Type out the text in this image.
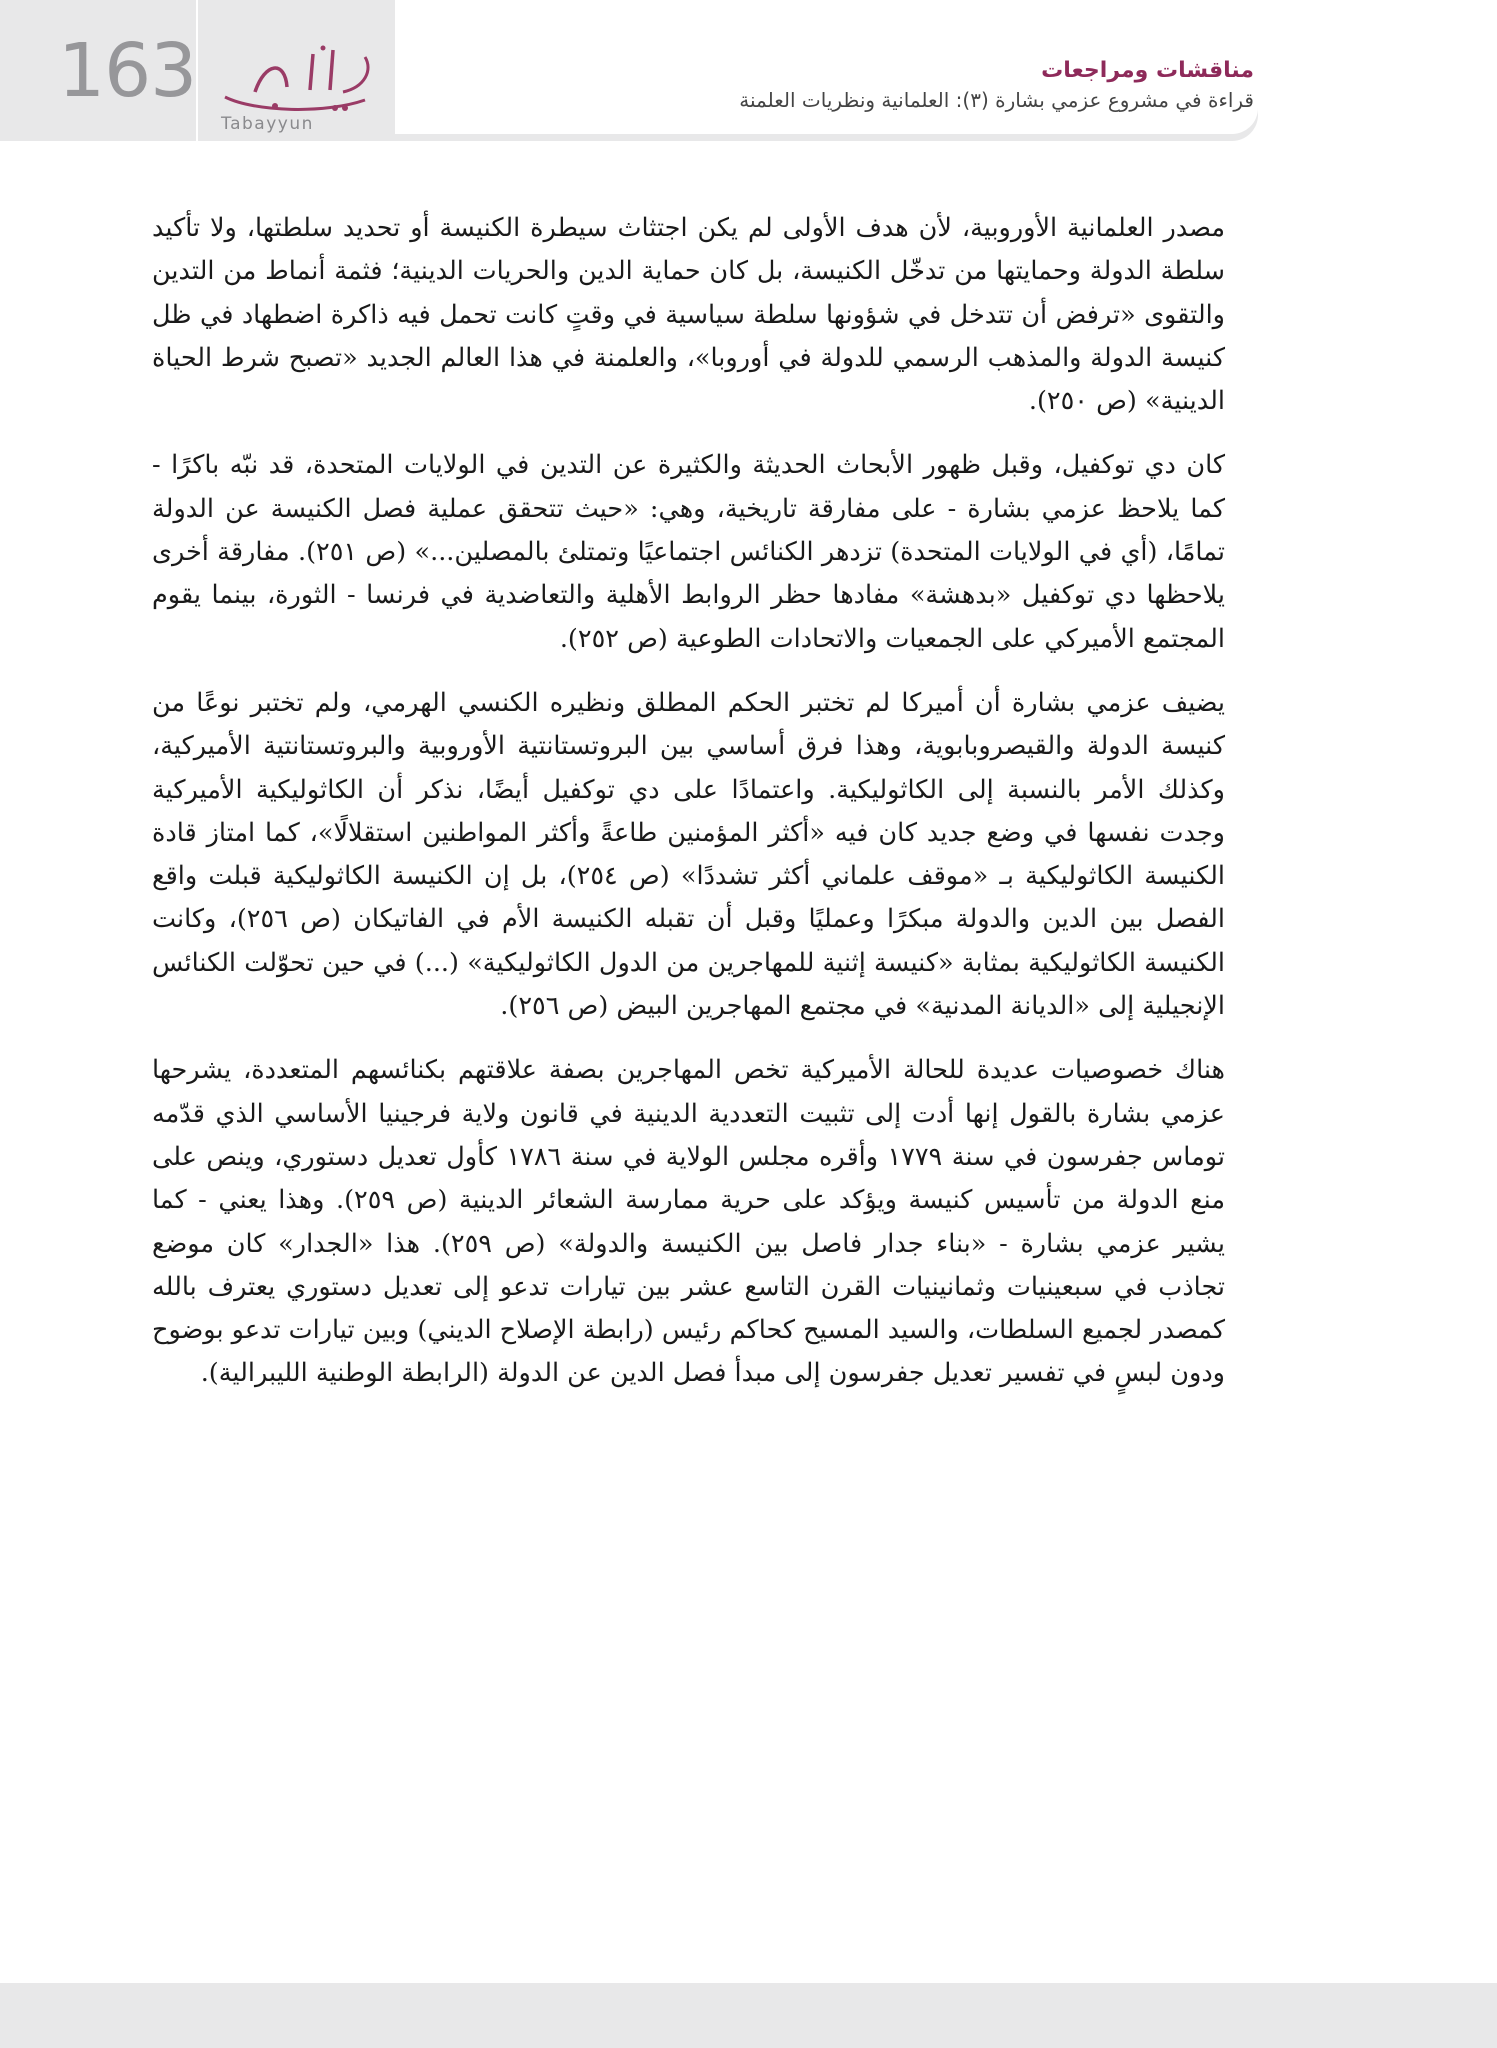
163
Tabayyun
مناقشات ومراجعات
قراءة في مشروع عزمي بشارة (٣): العلمانية ونظريات العلمنة

مصدر العلمانية الأوروبية، لأن هدف الأولى لم يكن اجتثاث سيطرة الكنيسة أو تحديد سلطتها، ولا تأكيد سلطة الدولة وحمايتها من تدخّل الكنيسة، بل كان حماية الدين والحريات الدينية؛ فثمة أنماط من التدين والتقوى «ترفض أن تتدخل في شؤونها سلطة سياسية في وقتٍ كانت تحمل فيه ذاكرة اضطهاد في ظل كنيسة الدولة والمذهب الرسمي للدولة في أوروبا»، والعلمنة في هذا العالم الجديد «تصبح شرط الحياة الدينية» (ص ٢٥٠).

كان دي توكفيل، وقبل ظهور الأبحاث الحديثة والكثيرة عن التدين في الولايات المتحدة، قد نبّه باكرًا - كما يلاحظ عزمي بشارة - على مفارقة تاريخية، وهي: «حيث تتحقق عملية فصل الكنيسة عن الدولة تمامًا، (أي في الولايات المتحدة) تزدهر الكنائس اجتماعيًا وتمتلئ بالمصلين...» (ص ٢٥١). مفارقة أخرى يلاحظها دي توكفيل «بدهشة» مفادها حظر الروابط الأهلية والتعاضدية في فرنسا - الثورة، بينما يقوم المجتمع الأميركي على الجمعيات والاتحادات الطوعية (ص ٢٥٢).

يضيف عزمي بشارة أن أميركا لم تختبر الحكم المطلق ونظيره الكنسي الهرمي، ولم تختبر نوعًا من كنيسة الدولة والقيصروبابوية، وهذا فرق أساسي بين البروتستانتية الأوروبية والبروتستانتية الأميركية، وكذلك الأمر بالنسبة إلى الكاثوليكية. واعتمادًا على دي توكفيل أيضًا، نذكر أن الكاثوليكية الأميركية وجدت نفسها في وضع جديد كان فيه «أكثر المؤمنين طاعةً وأكثر المواطنين استقلالًا»، كما امتاز قادة الكنيسة الكاثوليكية بـ «موقف علماني أكثر تشددًا» (ص ٢٥٤)، بل إن الكنيسة الكاثوليكية قبلت واقع الفصل بين الدين والدولة مبكرًا وعمليًا وقبل أن تقبله الكنيسة الأم في الفاتيكان (ص ٢٥٦)، وكانت الكنيسة الكاثوليكية بمثابة «كنيسة إثنية للمهاجرين من الدول الكاثوليكية» (...) في حين تحوّلت الكنائس الإنجيلية إلى «الديانة المدنية» في مجتمع المهاجرين البيض (ص ٢٥٦).

هناك خصوصيات عديدة للحالة الأميركية تخص المهاجرين بصفة علاقتهم بكنائسهم المتعددة، يشرحها عزمي بشارة بالقول إنها أدت إلى تثبيت التعددية الدينية في قانون ولاية فرجينيا الأساسي الذي قدّمه توماس جفرسون في سنة ١٧٧٩ وأقره مجلس الولاية في سنة ١٧٨٦ كأول تعديل دستوري، وينص على منع الدولة من تأسيس كنيسة ويؤكد على حرية ممارسة الشعائر الدينية (ص ٢٥٩). وهذا يعني - كما يشير عزمي بشارة - «بناء جدار فاصل بين الكنيسة والدولة» (ص ٢٥٩). هذا «الجدار» كان موضع تجاذب في سبعينيات وثمانينيات القرن التاسع عشر بين تيارات تدعو إلى تعديل دستوري يعترف بالله كمصدر لجميع السلطات، والسيد المسيح كحاكم رئيس (رابطة الإصلاح الديني) وبين تيارات تدعو بوضوح ودون لبسٍ في تفسير تعديل جفرسون إلى مبدأ فصل الدين عن الدولة (الرابطة الوطنية الليبرالية).
